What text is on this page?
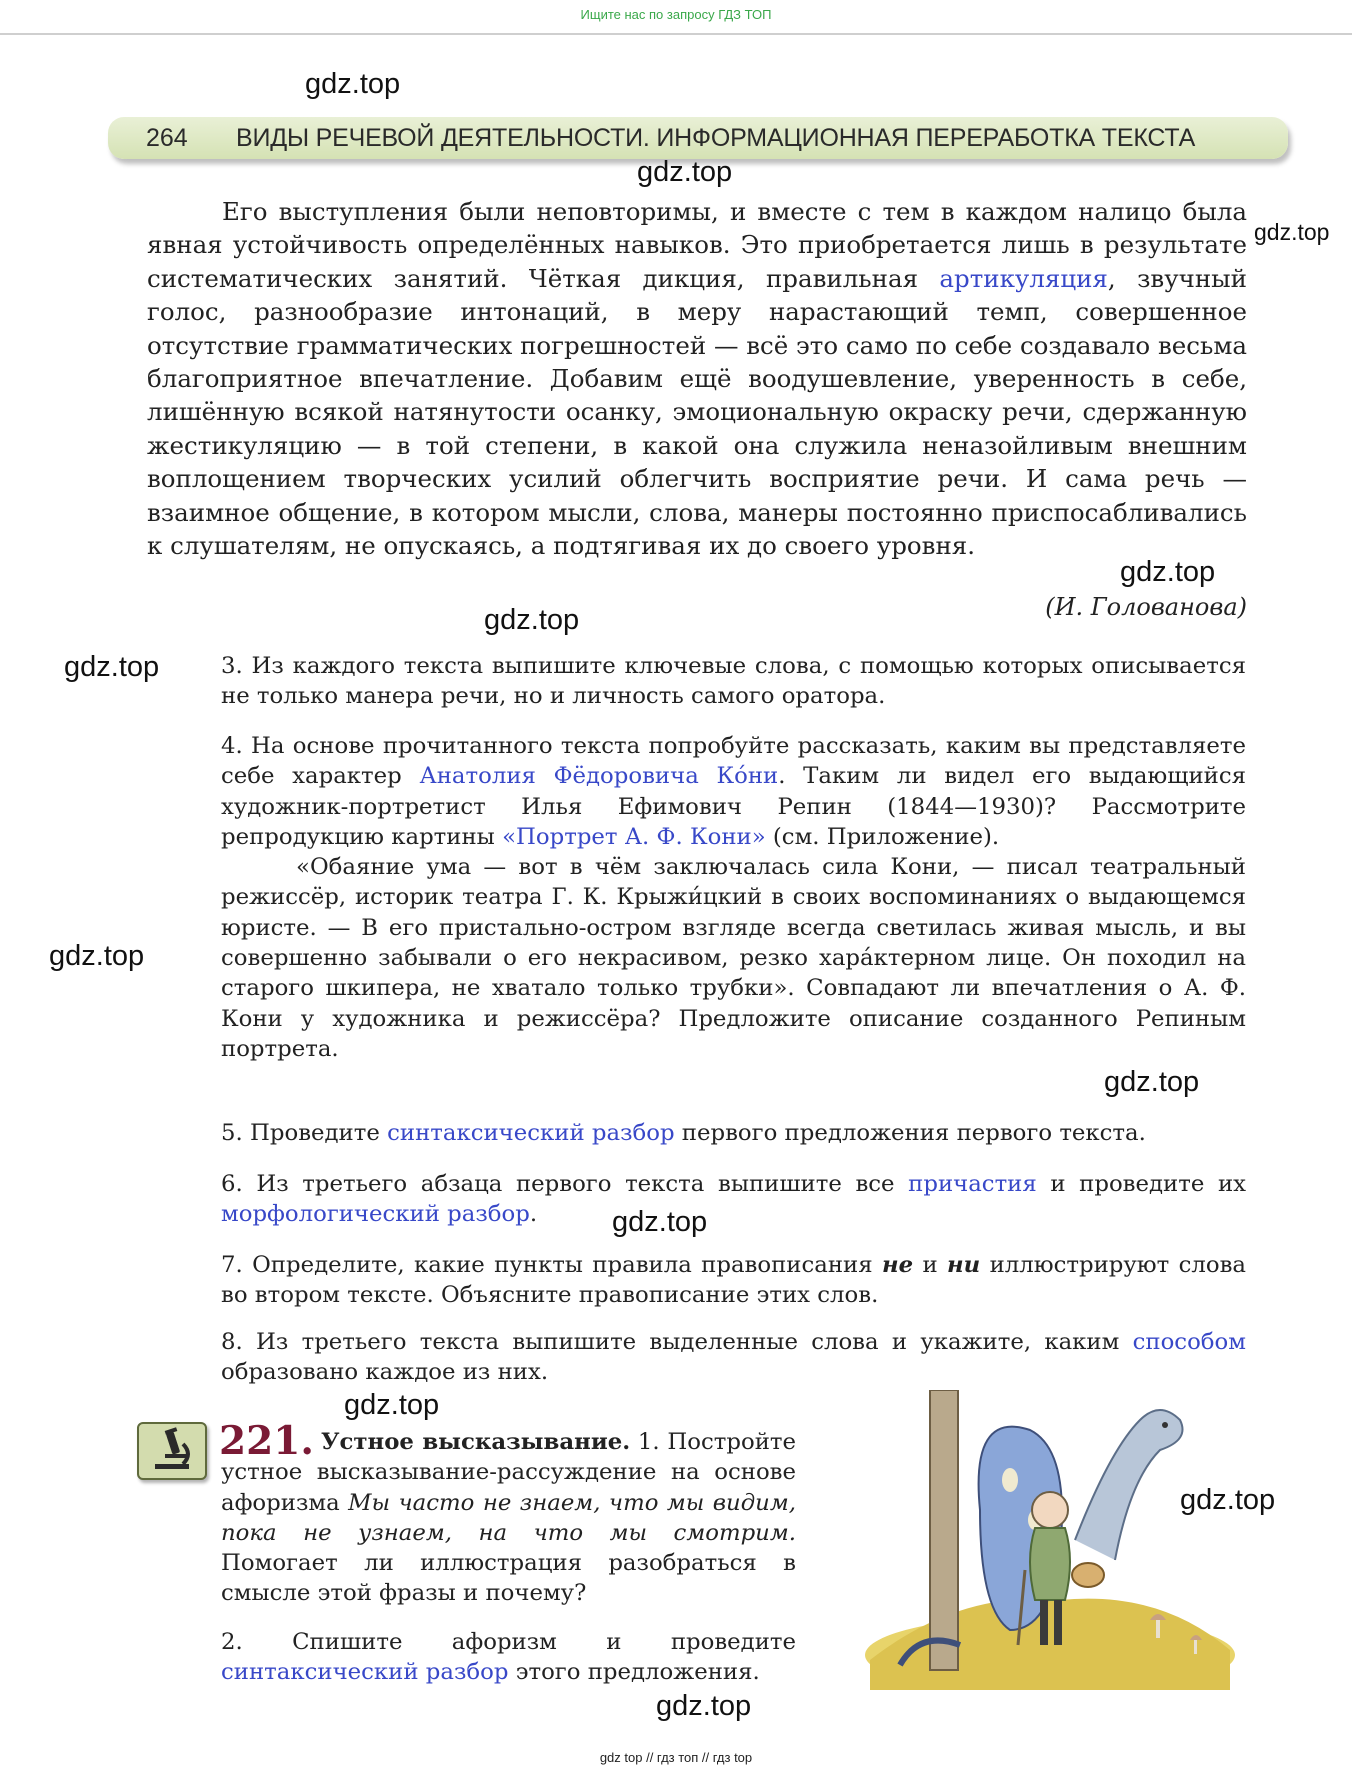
Ищите нас по запросу ГДЗ ТОП
264 ВИДЫ РЕЧЕВОЙ ДЕЯТЕЛЬНОСТИ. ИНФОРМАЦИОННАЯ ПЕРЕРАБОТКА ТЕКСТА
gdz.top
gdz.top
gdz.top
gdz.top
gdz.top
gdz.top
gdz.top
gdz.top
gdz.top
gdz.top
gdz.top
gdz.top

Его выступления были неповторимы, и вместе с тем в каждом налицо была явная устойчивость определённых навыков. Это приобретается лишь в результате систематических занятий. Чёткая дикция, правильная артикуляция, звучный голос, разнообразие интонаций, в меру нарастающий темп, совершенное отсутствие грамматических погрешностей — всё это само по себе создавало весьма благоприятное впечатление. Добавим ещё воодушевление, уверенность в себе, лишённую всякой натянутости осанку, эмоциональную окраску речи, сдержанную жестикуляцию — в той степени, в какой она служила неназойливым внешним воплощением творческих усилий облегчить восприятие речи. И сама речь — взаимное общение, в котором мысли, слова, манеры постоянно приспосабливались к слушателям, не опускаясь, а подтягивая их до своего уровня.

(И. Голованова)

3. Из каждого текста выпишите ключевые слова, с помощью которых описывается не только манера речи, но и личность самого оратора.

4. На основе прочитанного текста попробуйте рассказать, каким вы представляете себе характер Анатолия Фёдоровича Ко́ни. Таким ли видел его выдающийся художник-портретист Илья Ефимович Репин (1844—1930)? Рассмотрите репродукцию картины «Портрет А. Ф. Кони» (см. Приложение).

«Обаяние ума — вот в чём заключалась сила Кони, — писал театральный режиссёр, историк театра Г. К. Крыжи́цкий в своих воспоминаниях о выдающемся юристе. — В его пристально-остром взгляде всегда светилась живая мысль, и вы совершенно забывали о его некрасивом, резко хара́ктерном лице. Он походил на старого шкипера, не хватало только трубки». Совпадают ли впечатления о А. Ф. Кони у художника и режиссёра? Предложите описание созданного Репиным портрета.

5. Проведите синтаксический разбор первого предложения первого текста.

6. Из третьего абзаца первого текста выпишите все причастия и проведите их морфологический разбор.

7. Определите, какие пункты правила правописания не и ни иллюстрируют слова во втором тексте. Объясните правописание этих слов.

8. Из третьего текста выпишите выделенные слова и укажите, каким способом образовано каждое из них.

221. Устное высказывание. 1. Постройте устное высказывание-рассуждение на основе афоризма Мы часто не знаем, что мы видим, пока не узнаем, на что мы смотрим. Помогает ли иллюстрация разобраться в смысле этой фразы и почему?

2. Спишите афоризм и проведите синтаксический разбор этого предложения.

gdz top // гдз топ // гдз top
